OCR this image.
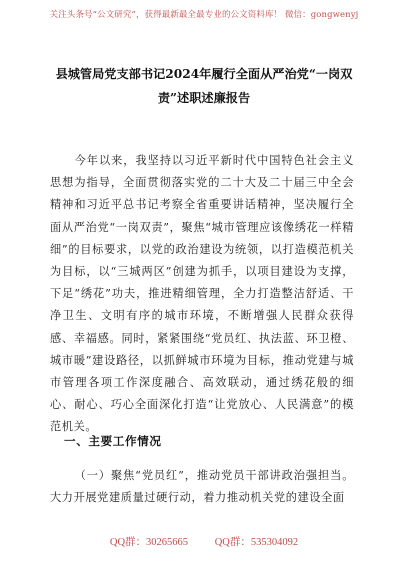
关注头条号“公文研究”，获得最新最全最专业的公文资料库！ 微信：gongwenyj
县城管局党支部书记2024年履行全面从严治党“一岗双责”述职述廉报告
今年以来，我坚持以习近平新时代中国特色社会主义思想为指导，全面贯彻落实党的二十大及二十届三中全会精神和习近平总书记考察全省重要讲话精神，坚决履行全面从严治党“一岗双责”，聚焦“城市管理应该像绣花一样精细”的目标要求，以党的政治建设为统领，以打造模范机关为目标，以“三城两区”创建为抓手，以项目建设为支撑，下足“绣花”功夫，推进精细管理，全力打造整洁舒适、干净卫生、文明有序的城市环境，不断增强人民群众获得感、幸福感。同时，紧紧围绕“党员红、执法蓝、环卫橙、城市暖”建设路径，以抓鲜城市环境为目标，推动党建与城市管理各项工作深度融合、高效联动，通过绣花般的细心、耐心、巧心全面深化打造“让党放心、人民满意”的模范机关。
一、主要工作情况
（一）聚焦“党员红”，推动党员干部讲政治强担当。大力开展党建质量过硬行动，着力推动机关党的建设全面
QQ群：30265665	QQ群：535304092
